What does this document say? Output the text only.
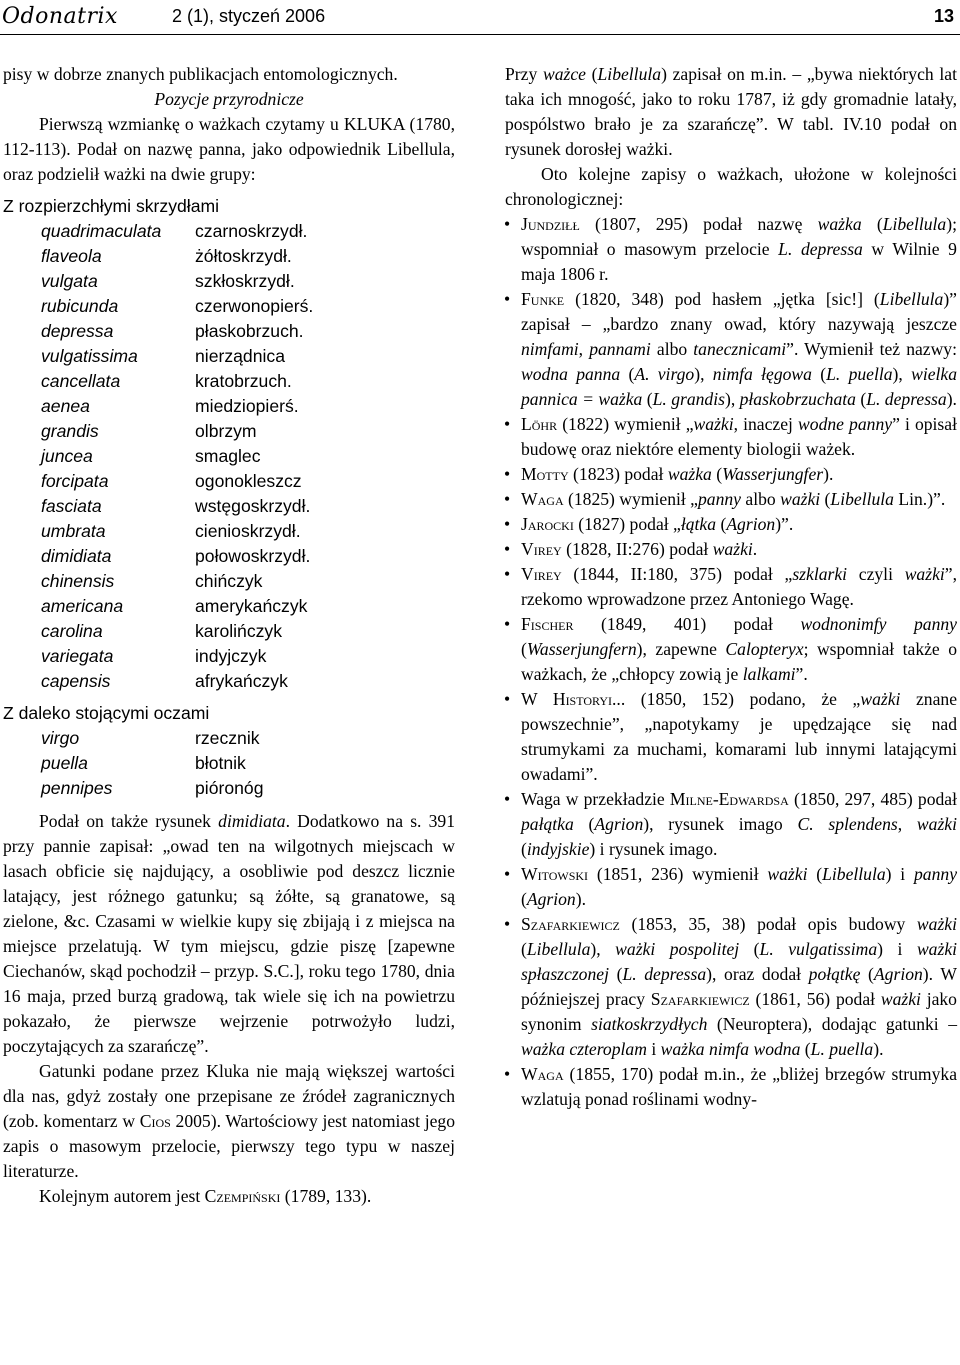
Odonatrix	2 (1), styczeń 2006	13

pisy w dobrze znanych publikacjach entomologicznych.

Pozycje przyrodnicze

Pierwszą wzmiankę o ważkach czytamy u KLUKA (1780, 112-113). Podał on nazwę panna, jako odpowiednik Libellula, oraz podzielił ważki na dwie grupy:

Z rozpierzchłymi skrzydłami
quadrimaculata	czarnoskrzydł.
flaveola	żółtoskrzydł.
vulgata	szkłoskrzydł.
rubicunda	czerwonopierś.
depressa	płaskobrzuch.
vulgatissima	nierządnica
cancellata	kratobrzuch.
aenea	miedziopierś.
grandis	olbrzym
juncea	smaglec
forcipata	ogonokleszcz
fasciata	wstęgoskrzydł.
umbrata	cienioskrzydł.
dimidiata	połowoskrzydł.
chinensis	chińczyk
americana	amerykańczyk
carolina	karolińczyk
variegata	indyjczyk
capensis	afrykańczyk
Z daleko stojącymi oczami
virgo	rzecznik
puella	błotnik
pennipes	pióronóg

Podał on także rysunek dimidiata. Dodatkowo na s. 391 przy pannie zapisał: „owad ten na wilgotnych miejscach w lasach obficie się najdujący, a osobliwie pod deszcz licznie latający, jest różnego gatunku; są żółte, są granatowe, są zielone, &c. Czasami w wielkie kupy się zbijają i z miejsca na miejsce przelatują. W tym miejscu, gdzie piszę [zapewne Ciechanów, skąd pochodził – przyp. S.C.], roku tego 1780, dnia 16 maja, przed burzą gradową, tak wiele się ich na powietrzu pokazało, że pierwsze wejrzenie potrwożyło ludzi, poczytających za szarańczę”.

Gatunki podane przez Kluka nie mają większej wartości dla nas, gdyż zostały one przepisane ze źródeł zagranicznych (zob. komentarz w Cios 2005). Wartościowy jest natomiast jego zapis o masowym przelocie, pierwszy tego typu w naszej literaturze.

Kolejnym autorem jest Czempiński (1789, 133).

Przy ważce (Libellula) zapisał on m.in. – „bywa niektórych lat taka ich mnogość, jako to roku 1787, iż gdy gromadnie latały, pospólstwo brało je za szarańczę”. W tabl. IV.10 podał on rysunek dorosłej ważki.

Oto kolejne zapisy o ważkach, ułożone w kolejności chronologicznej:

• Jundziłł (1807, 295) podał nazwę ważka (Libellula); wspomniał o masowym przelocie L. depressa w Wilnie 9 maja 1806 r.
• Funke (1820, 348) pod hasłem „jętka [sic!] (Libellula)” zapisał – „bardzo znany owad, który nazywają jeszcze nimfami, pannami albo tanecznicami”. Wymienił też nazwy: wodna panna (A. virgo), nimfa łęgowa (L. puella), wielka pannica = ważka (L. grandis), płaskobrzuchata (L. depressa).
• Löhr (1822) wymienił „ważki, inaczej wodne panny” i opisał budowę oraz niektóre elementy biologii ważek.
• Motty (1823) podał ważka (Wasserjungfer).
• Waga (1825) wymienił „panny albo ważki (Libellula Lin.)”.
• Jarocki (1827) podał „łątka (Agrion)”.
• Virey (1828, II:276) podał ważki.
• Virey (1844, II:180, 375) podał „szklarki czyli ważki”, rzekomo wprowadzone przez Antoniego Wagę.
• Fischer (1849, 401) podał wodnonimfy panny (Wasserjungfern), zapewne Calopteryx; wspomniał także o ważkach, że „chłopcy zowią je lalkami”.
• W Historyi... (1850, 152) podano, że „ważki znane powszechnie”, „napotykamy je upędzające się nad strumykami za muchami, komarami lub innymi latającymi owadami”.
• Waga w przekładzie Milne-Edwardsa (1850, 297, 485) podał pałątka (Agrion), rysunek imago C. splendens, ważki (indyjskie) i rysunek imago.
• Witowski (1851, 236) wymienił ważki (Libellula) i panny (Agrion).
• Szafarkiewicz (1853, 35, 38) podał opis budowy ważki (Libellula), ważki pospolitej (L. vulgatissima) i ważki spłaszczonej (L. depressa), oraz dodał połątkę (Agrion). W późniejszej pracy Szafarkiewicz (1861, 56) podał ważki jako synonim siatkoskrzydłych (Neuroptera), dodając gatunki – ważka czteroplam i ważka nimfa wodna (L. puella).
• Waga (1855, 170) podał m.in., że „bliżej brzegów strumyka wzlatują ponad roślinami wodny-
